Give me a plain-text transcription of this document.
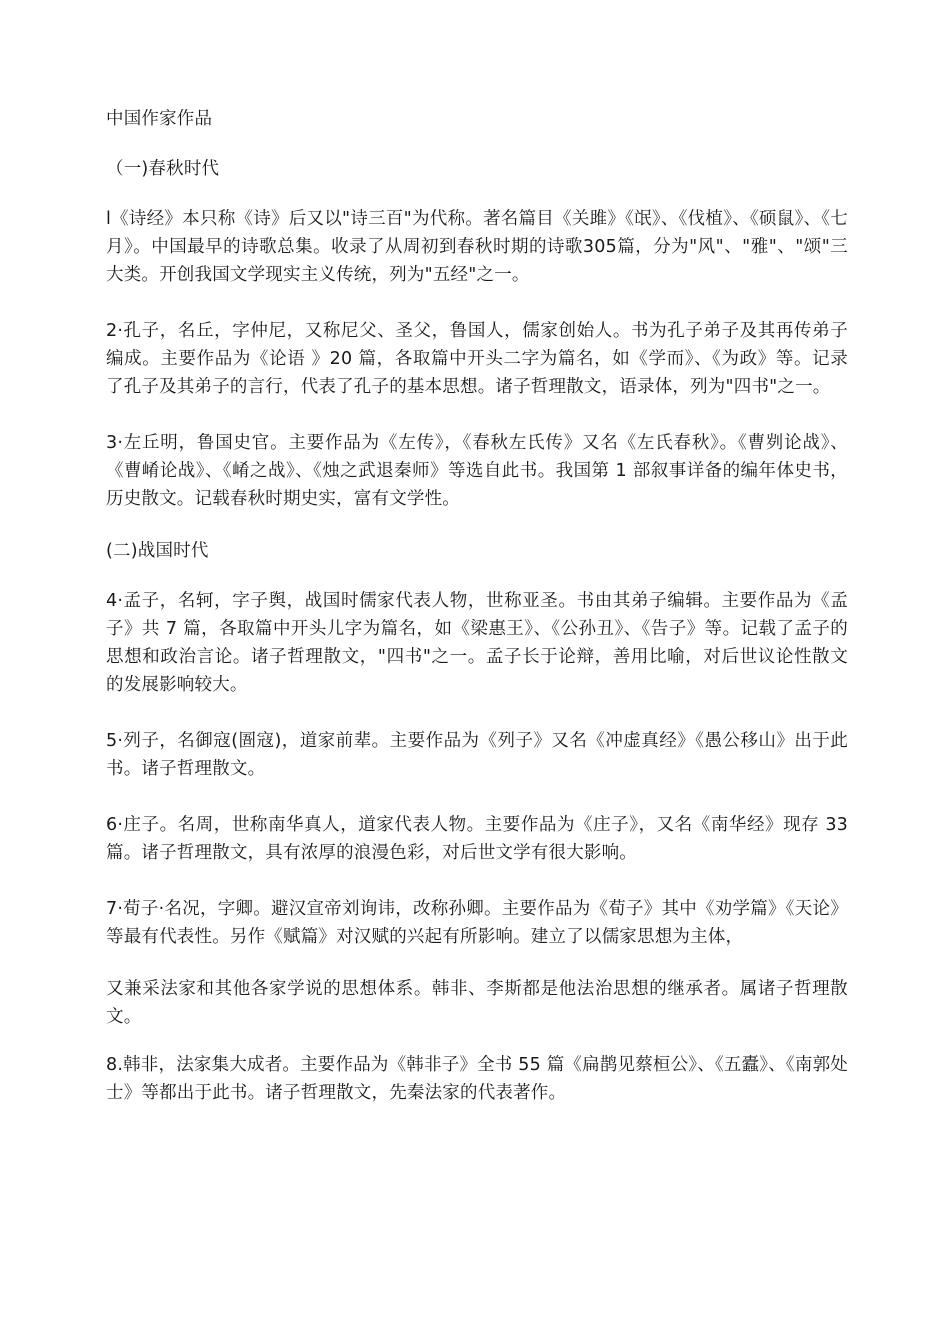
中国作家作品

（一)春秋时代

l《诗经》本只称《诗》后又以"诗三百"为代称。著名篇目《关雎》《氓》、《伐植》、《硕鼠》、《七月》。中国最早的诗歌总集。收录了从周初到春秋时期的诗歌305篇，分为"风"、"雅"、"颂"三大类。开创我国文学现实主义传统，列为"五经"之一。

2·孔子，名丘，字仲尼，又称尼父、圣父，鲁国人，儒家创始人。书为孔子弟子及其再传弟子编成。主要作品为《论语 》20 篇，各取篇中开头二字为篇名，如《学而》、《为政》等。记录了孔子及其弟子的言行，代表了孔子的基本思想。诸子哲理散文，语录体，列为"四书"之一。

3·左丘明，鲁国史官。主要作品为《左传》，《春秋左氏传》又名《左氏春秋》。《曹刿论战》、《曹崤论战》、《崤之战》、《烛之武退秦师》等选自此书。我国第 1 部叙事详备的编年体史书，历史散文。记载春秋时期史实，富有文学性。

(二)战国时代

4·孟子，名轲，字子舆，战国时儒家代表人物，世称亚圣。书由其弟子编辑。主要作品为《孟子》共 7 篇，各取篇中开头儿字为篇名，如《梁惠王》、《公孙丑》、《告子》等。记载了孟子的思想和政治言论。诸子哲理散文，"四书"之一。孟子长于论辩，善用比喻，对后世议论性散文的发展影响较大。

5·列子，名御寇(圄寇)，道家前辈。主要作品为《列子》又名《冲虚真经》《愚公移山》出于此书。诸子哲理散文。

6·庄子。名周，世称南华真人，道家代表人物。主要作品为《庄子》，又名《南华经》现存 33 篇。诸子哲理散文，具有浓厚的浪漫色彩，对后世文学有很大影响。

7·荀子·名况，字卿。避汉宣帝刘询讳，改称孙卿。主要作品为《荀子》其中《劝学篇》《天论》等最有代表性。另作《赋篇》对汉赋的兴起有所影响。建立了以儒家思想为主体，

又兼采法家和其他各家学说的思想体系。韩非、李斯都是他法治思想的继承者。属诸子哲理散文。

8.韩非，法家集大成者。主要作品为《韩非子》全书 55 篇《扁鹊见蔡桓公》、《五蠹》、《南郭处士》等都出于此书。诸子哲理散文，先秦法家的代表著作。
